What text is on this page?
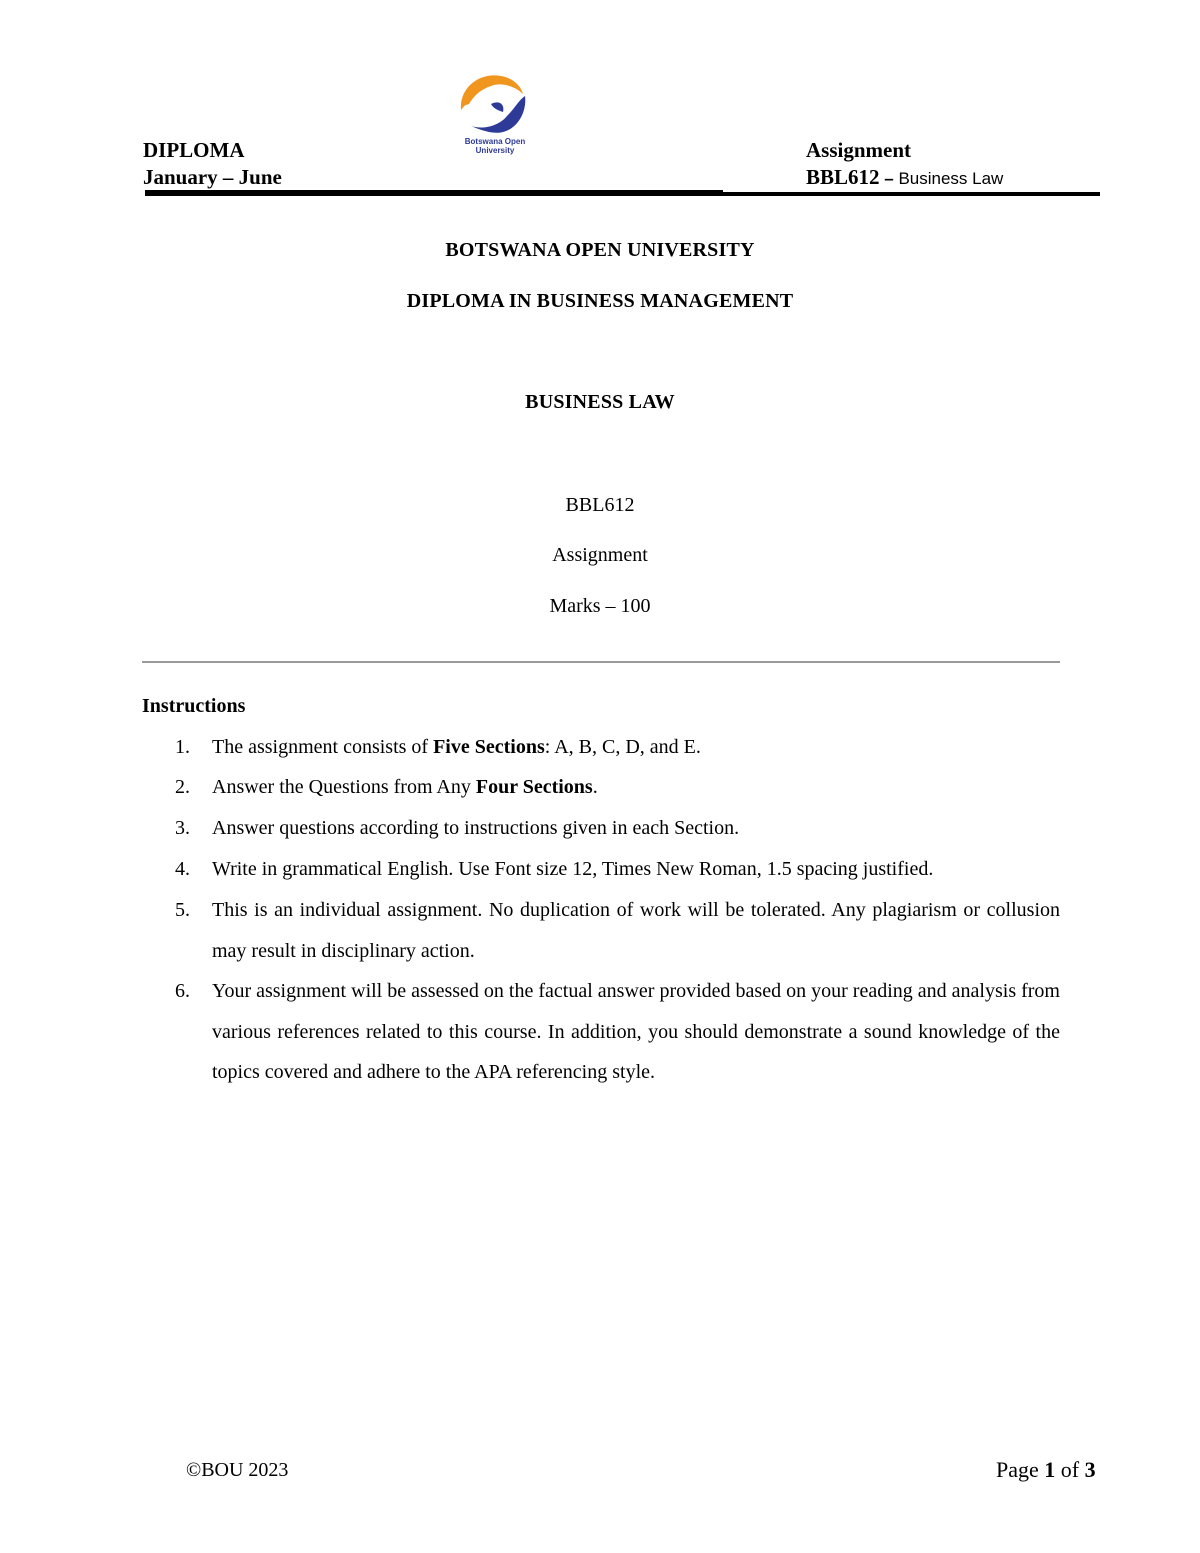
DIPLOMA
January – June
Assignment
BBL612 – Business Law
Botswana Open
University
BOTSWANA OPEN UNIVERSITY
DIPLOMA IN BUSINESS MANAGEMENT
BUSINESS LAW
BBL612
Assignment
Marks – 100
Instructions
1. The assignment consists of Five Sections: A, B, C, D, and E.
2. Answer the Questions from Any Four Sections.
3. Answer questions according to instructions given in each Section.
4. Write in grammatical English. Use Font size 12, Times New Roman, 1.5 spacing justified.
5. This is an individual assignment. No duplication of work will be tolerated. Any plagiarism or collusion may result in disciplinary action.
6. Your assignment will be assessed on the factual answer provided based on your reading and analysis from various references related to this course. In addition, you should demonstrate a sound knowledge of the topics covered and adhere to the APA referencing style.
©BOU 2023	Page 1 of 3
